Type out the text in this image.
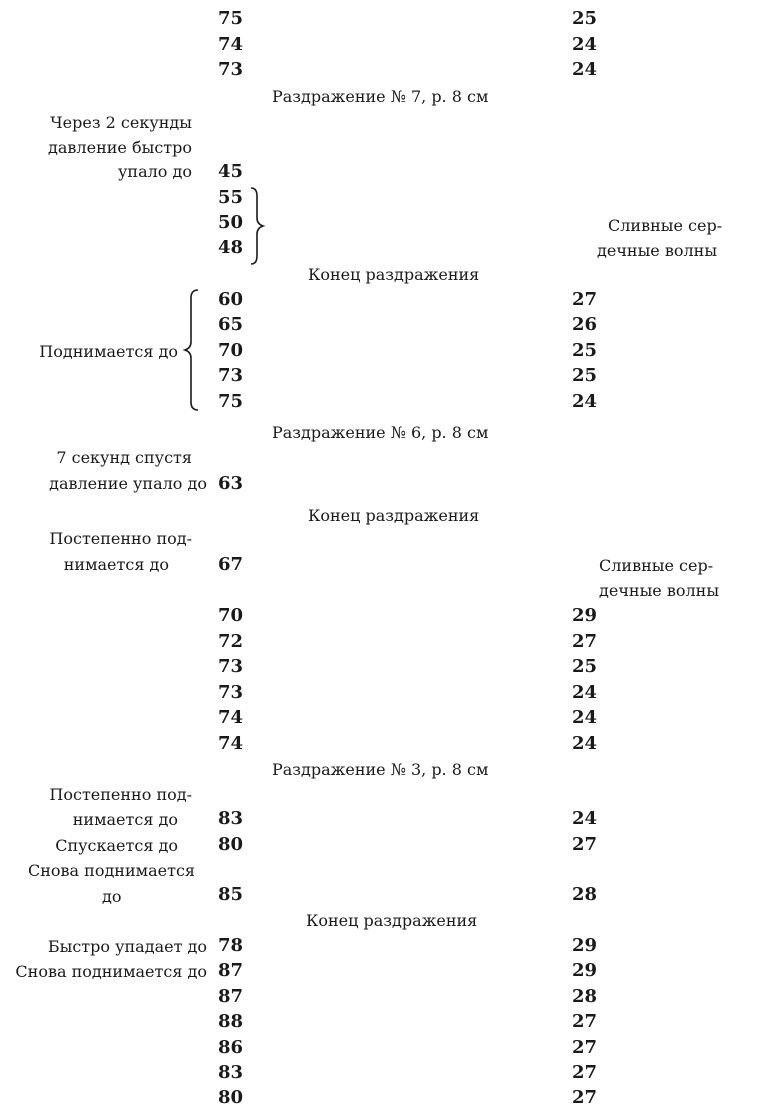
75	25
74	24
73	24
Раздражение № 7, р. 8 см
Через 2 секунды
давление быстро
упало до 45
55
50
48
Сливные сер-
дечные волны
Конец раздражения
60	27
65	26
70	25
Поднимается до
73	25
75	24
Раздражение № 6, р. 8 см
7 секунд спустя
давление упало до 63
Конец раздражения
Постепенно под-
нимается до	67	Сливные сер-
дечные волны
70	29
72	27
73	25
73	24
74	24
74	24
Раздражение № 3, р. 8 см
Постепенно под-
нимается до 83	24
Спускается до 80	27
Снова поднимается
до	85	28
Конец раздражения
Быстро упадает до 78	29
Снова поднимается до 87	29
87	28
88	27
86	27
83	27
80	27
